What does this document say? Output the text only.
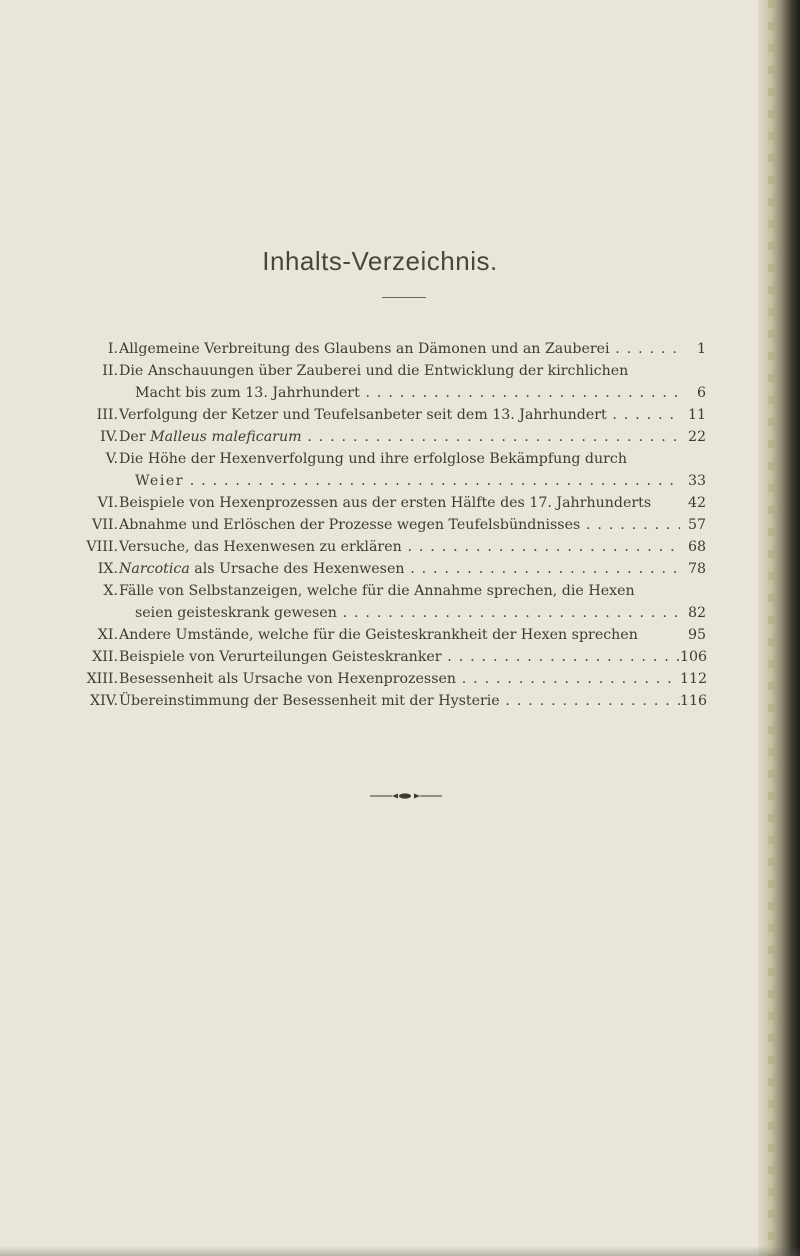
Inhalts-Verzeichnis.
I. Allgemeine Verbreitung des Glaubens an Dämonen und an Zauberei . . .	1
II. Die Anschauungen über Zauberei und die Entwicklung der kirchlichen
Macht bis zum 13. Jahrhundert . . .	6
III. Verfolgung der Ketzer und Teufelsanbeter seit dem 13. Jahrhundert . . .	11
IV. Der Malleus maleficarum . . .	22
V. Die Höhe der Hexenverfolgung und ihre erfolglose Bekämpfung durch
Weier . . .	33
VI. Beispiele von Hexenprozessen aus der ersten Hälfte des 17. Jahrhunderts	42
VII. Abnahme und Erlöschen der Prozesse wegen Teufelsbündnisses . . .	57
VIII. Versuche, das Hexenwesen zu erklären . . .	68
IX. Narcotica als Ursache des Hexenwesen . . .	78
X. Fälle von Selbstanzeigen, welche für die Annahme sprechen, die Hexen
seien geisteskrank gewesen . . .	82
XI. Andere Umstände, welche für die Geisteskrankheit der Hexen sprechen	95
XII. Beispiele von Verurteilungen Geisteskranker . . .	106
XIII. Besessenheit als Ursache von Hexenprozessen . . .	112
XIV. Übereinstimmung der Besessenheit mit der Hysterie . . .	116
